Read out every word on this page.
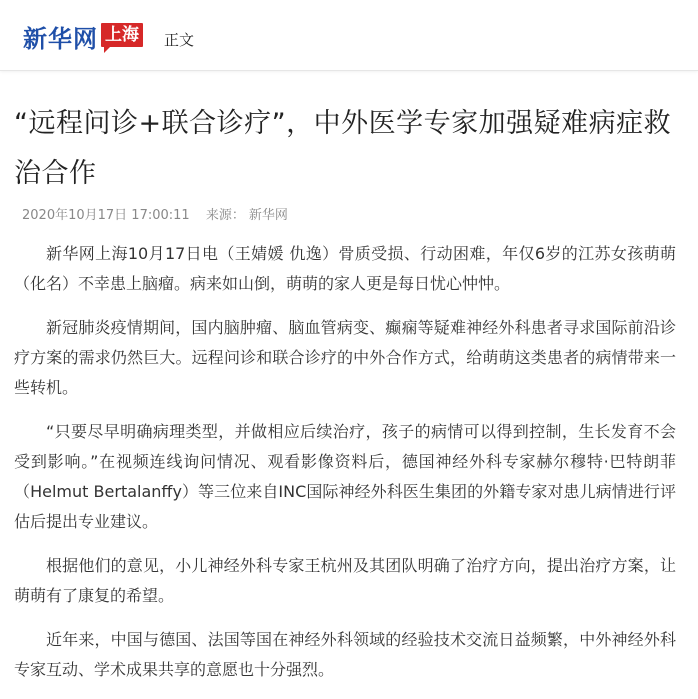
新华网 上海 正文
“远程问诊+联合诊疗”，中外医学专家加强疑难病症救治合作
2020年10月17日 17:00:11 来源： 新华网

新华网上海10月17日电（王婧媛 仇逸）骨质受损、行动困难，年仅6岁的江苏女孩萌萌（化名）不幸患上脑瘤。病来如山倒，萌萌的家人更是每日忧心忡忡。

新冠肺炎疫情期间，国内脑肿瘤、脑血管病变、癫痫等疑难神经外科患者寻求国际前沿诊疗方案的需求仍然巨大。远程问诊和联合诊疗的中外合作方式，给萌萌这类患者的病情带来一些转机。

“只要尽早明确病理类型，并做相应后续治疗，孩子的病情可以得到控制，生长发育不会受到影响。”在视频连线询问情况、观看影像资料后，德国神经外科专家赫尔穆特·巴特朗菲（Helmut Bertalanffy）等三位来自INC国际神经外科医生集团的外籍专家对患儿病情进行评估后提出专业建议。

根据他们的意见，小儿神经外科专家王杭州及其团队明确了治疗方向，提出治疗方案，让萌萌有了康复的希望。

近年来，中国与德国、法国等国在神经外科领域的经验技术交流日益频繁，中外神经外科专家互动、学术成果共享的意愿也十分强烈。
